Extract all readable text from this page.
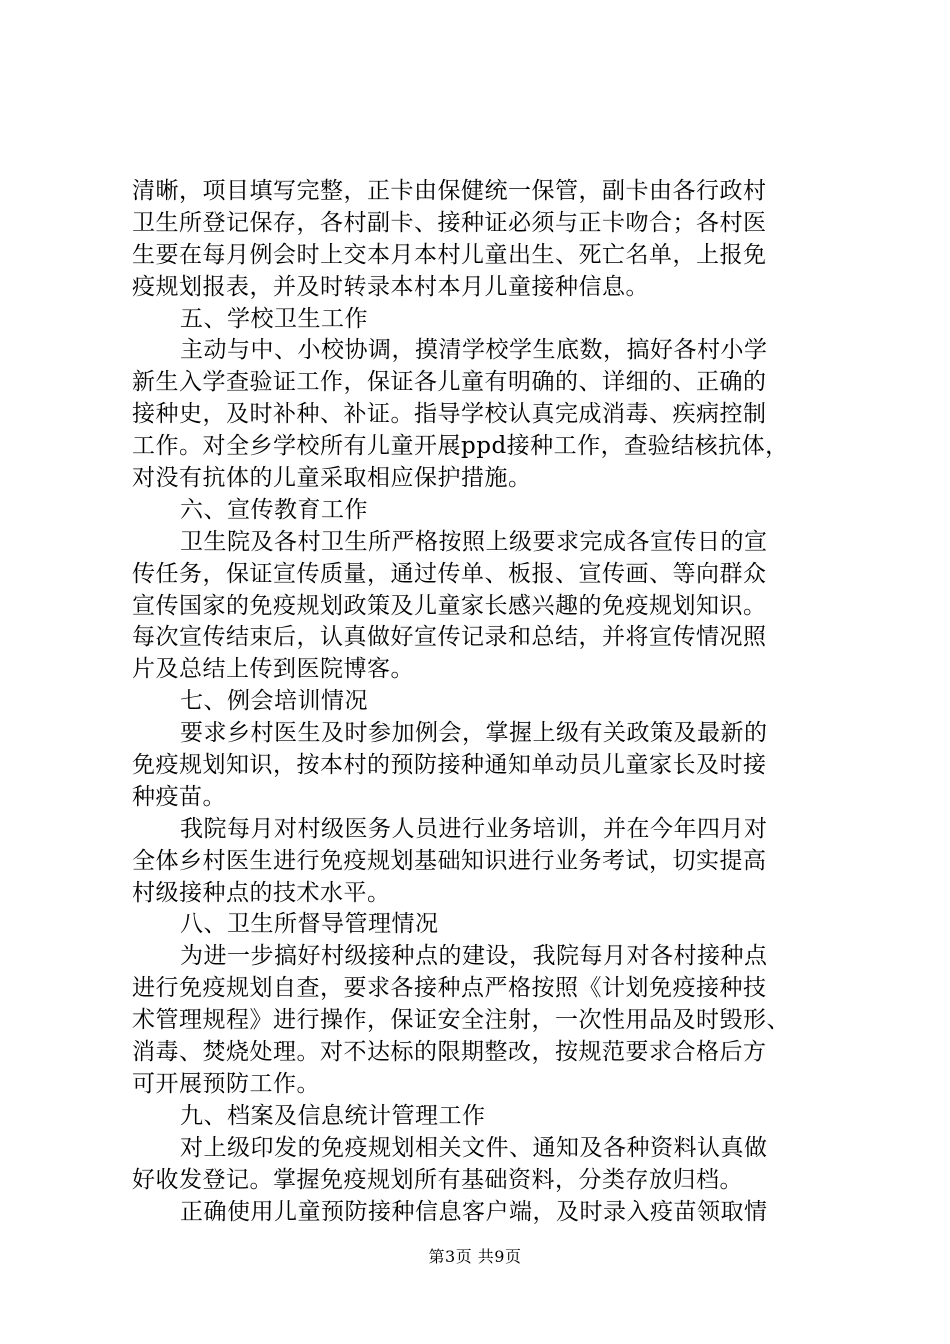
清晰，项目填写完整，正卡由保健统一保管，副卡由各行政村
卫生所登记保存，各村副卡、接种证必须与正卡吻合；各村医
生要在每月例会时上交本月本村儿童出生、死亡名单，上报免
疫规划报表，并及时转录本村本月儿童接种信息。
五、学校卫生工作
主动与中、小校协调，摸清学校学生底数，搞好各村小学
新生入学查验证工作，保证各儿童有明确的、详细的、正确的
接种史，及时补种、补证。指导学校认真完成消毒、疾病控制
工作。对全乡学校所有儿童开展ppd接种工作，查验结核抗体，
对没有抗体的儿童采取相应保护措施。
六、宣传教育工作
卫生院及各村卫生所严格按照上级要求完成各宣传日的宣
传任务，保证宣传质量，通过传单、板报、宣传画、等向群众
宣传国家的免疫规划政策及儿童家长感兴趣的免疫规划知识。
每次宣传结束后，认真做好宣传记录和总结，并将宣传情况照
片及总结上传到医院博客。
七、例会培训情况
要求乡村医生及时参加例会，掌握上级有关政策及最新的
免疫规划知识，按本村的预防接种通知单动员儿童家长及时接
种疫苗。
我院每月对村级医务人员进行业务培训，并在今年四月对
全体乡村医生进行免疫规划基础知识进行业务考试，切实提高
村级接种点的技术水平。
八、卫生所督导管理情况
为进一步搞好村级接种点的建设，我院每月对各村接种点
进行免疫规划自查，要求各接种点严格按照《计划免疫接种技
术管理规程》进行操作，保证安全注射，一次性用品及时毁形、
消毒、焚烧处理。对不达标的限期整改，按规范要求合格后方
可开展预防工作。
九、档案及信息统计管理工作
对上级印发的免疫规划相关文件、通知及各种资料认真做
好收发登记。掌握免疫规划所有基础资料，分类存放归档。
正确使用儿童预防接种信息客户端，及时录入疫苗领取情
第3页 共9页
